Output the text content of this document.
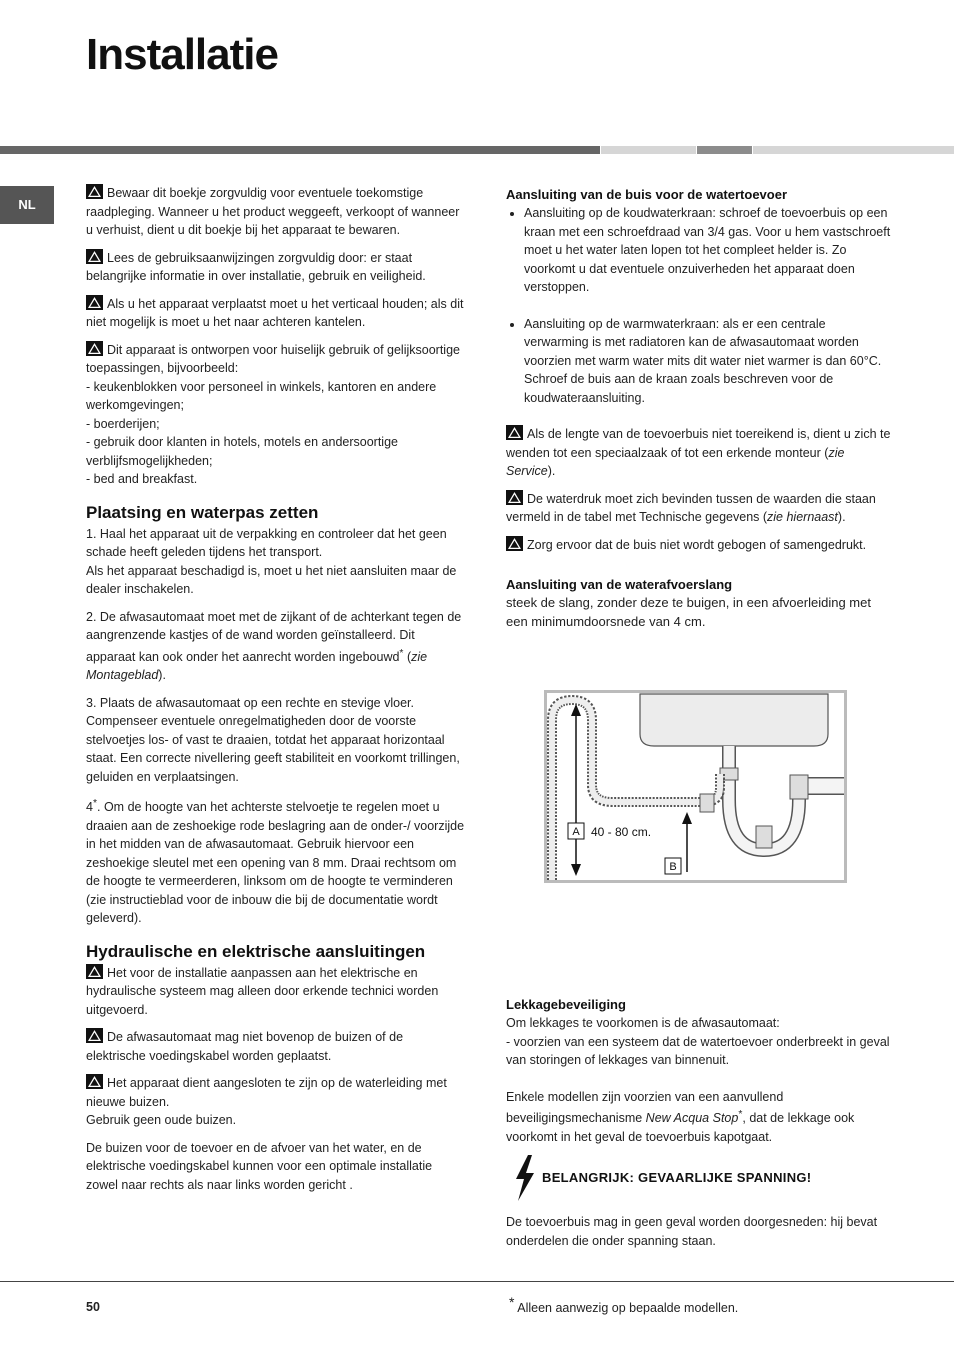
Installatie
NL

Bewaar dit boekje zorgvuldig voor eventuele toekomstige raadpleging. Wanneer u het product weggeeft, verkoopt of wanneer u verhuist, dient u dit boekje bij het apparaat te bewaren.

Lees de gebruiksaanwijzingen zorgvuldig door: er staat belangrijke informatie in over installatie, gebruik en veiligheid.

Als u het apparaat verplaatst moet u het verticaal houden; als dit niet mogelijk is moet u het naar achteren kantelen.

Dit apparaat is ontworpen voor huiselijk gebruik of gelijksoortige toepassingen, bijvoorbeeld:
- keukenblokken voor personeel in winkels, kantoren en andere werkomgevingen;
- boerderijen;
- gebruik door klanten in hotels, motels en andersoortige verblijfsmogelijkheden;
- bed and breakfast.

Plaatsing en waterpas zetten

1. Haal het apparaat uit de verpakking en controleer dat het geen schade heeft geleden tijdens het transport.
Als het apparaat beschadigd is, moet u het niet aansluiten maar de dealer inschakelen.

2. De afwasautomaat moet met de zijkant of de achterkant tegen de aangrenzende kastjes of de wand worden geïnstalleerd. Dit apparaat kan ook onder het aanrecht worden ingebouwd* (zie Montageblad).

3. Plaats de afwasautomaat op een rechte en stevige vloer. Compenseer eventuele onregelmatigheden door de voorste stelvoetjes los- of vast te draaien, totdat het apparaat horizontaal staat. Een correcte nivellering geeft stabiliteit en voorkomt trillingen, geluiden en verplaatsingen.

4*. Om de hoogte van het achterste stelvoetje te regelen moet u draaien aan de zeshoekige rode beslagring aan de onder-/ voorzijde in het midden van de afwasautomaat. Gebruik hiervoor een zeshoekige sleutel met een opening van 8 mm. Draai rechtsom om de hoogte te vermeerderen, linksom om de hoogte te verminderen (zie instructieblad voor de inbouw die bij de documentatie wordt geleverd).

Hydraulische en elektrische aansluitingen

Het voor de installatie aanpassen aan het elektrische en hydraulische systeem mag alleen door erkende technici worden uitgevoerd.

De afwasautomaat mag niet bovenop de buizen of de elektrische voedingskabel worden geplaatst.

Het apparaat dient aangesloten te zijn op de waterleiding met nieuwe buizen.
Gebruik geen oude buizen.

De buizen voor de toevoer en de afvoer van het water, en de elektrische voedingskabel kunnen voor een optimale installatie zowel naar rechts als naar links worden gericht .

Aansluiting van de buis voor de watertoevoer
• Aansluiting op de koudwaterkraan: schroef de toevoerbuis op een kraan met een schroefdraad van 3/4 gas. Voor u hem vastschroeft moet u het water laten lopen tot het compleet helder is. Zo voorkomt u dat eventuele onzuiverheden het apparaat doen verstoppen.
• Aansluiting op de warmwaterkraan: als er een centrale verwarming is met radiatoren kan de afwasautomaat worden voorzien met warm water mits dit water niet warmer is dan 60°C.
Schroef de buis aan de kraan zoals beschreven voor de koudwateraansluiting.

Als de lengte van de toevoerbuis niet toereikend is, dient u zich te wenden tot een speciaalzaak of tot een erkende monteur (zie Service).

De waterdruk moet zich bevinden tussen de waarden die staan vermeld in de tabel met Technische gegevens (zie hiernaast).

Zorg ervoor dat de buis niet wordt gebogen of samengedrukt.

Aansluiting van de waterafvoerslang

steek de slang, zonder deze te buigen, in een afvoerleiding met een minimumdoorsnede van 4 cm.

A 40 - 80 cm.
B
Lekkagebeveiliging

Om lekkages te voorkomen is de afwasautomaat:
- voorzien van een systeem dat de watertoevoer onderbreekt in geval van storingen of lekkages van binnenuit.

Enkele modellen zijn voorzien van een aanvullend beveiligingsmechanisme New Acqua Stop*, dat de lekkage ook voorkomt in het geval de toevoerbuis kapotgaat.

BELANGRIJK: GEVAARLIJKE SPANNING!

De toevoerbuis mag in geen geval worden doorgesneden: hij bevat onderdelen die onder spanning staan.

50	* Alleen aanwezig op bepaalde modellen.
